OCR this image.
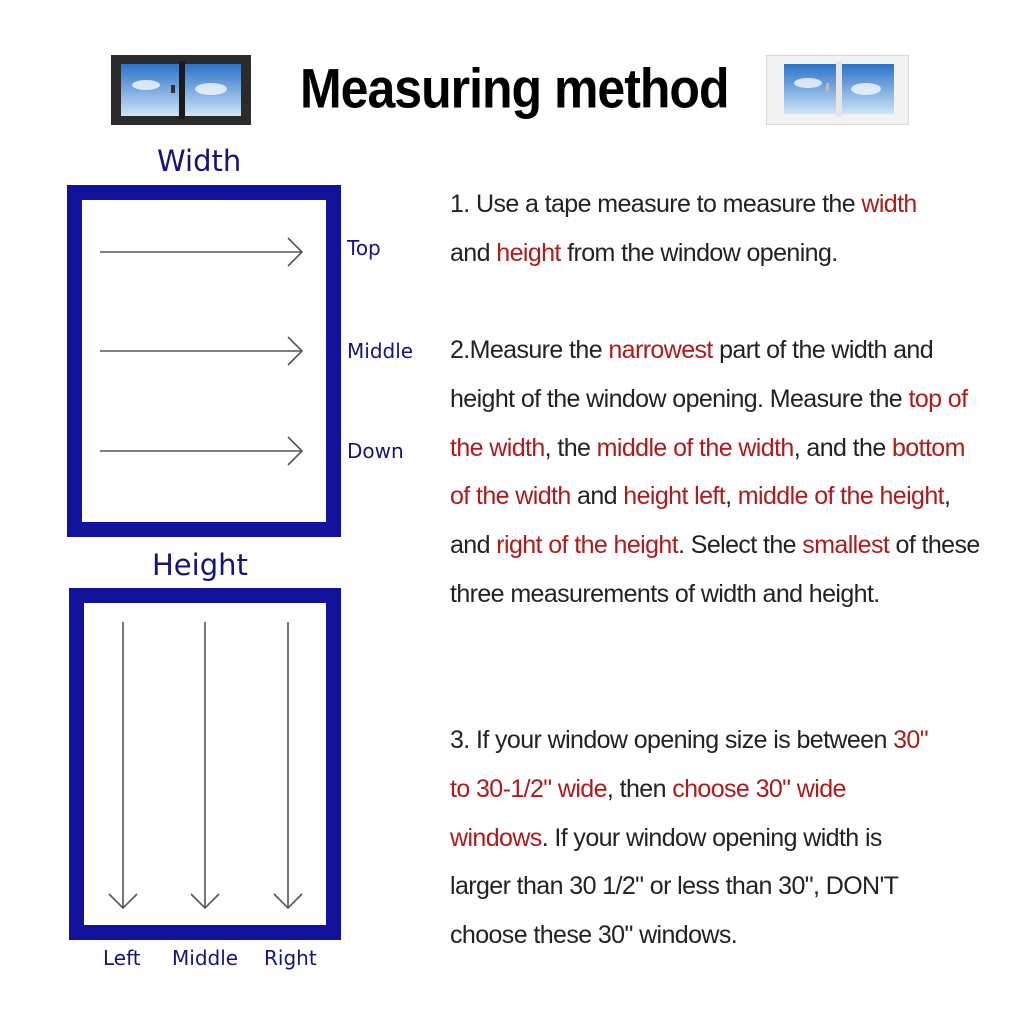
Measuring method
Width
Top
Middle
Down
Height
Left Middle Right
1. Use a tape measure to measure the width
and height from the window opening.
2.Measure the narrowest part of the width and height of the window opening. Measure the top of the width, the middle of the width, and the bottom of the width and height left, middle of the height, and right of the height. Select the smallest of these three measurements of width and height.
3. If your window opening size is between 30" to 30-1/2" wide, then choose 30" wide windows. If your window opening width is larger than 30 1/2" or less than 30", DON'T choose these 30" windows.
